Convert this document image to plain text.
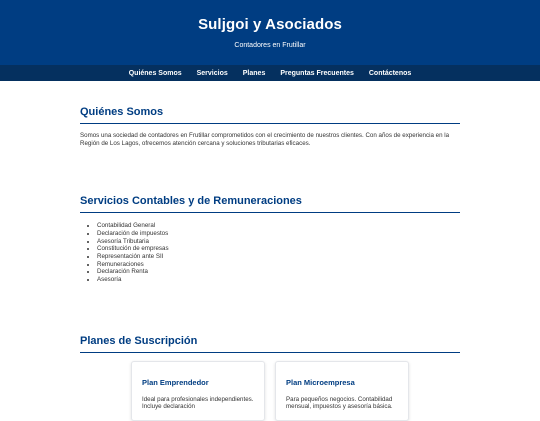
Suljgoi y Asociados
Contadores en Frutillar
Quiénes Somos Servicios Planes Preguntas Frecuentes Contáctenos
Quiénes Somos

Somos una sociedad de contadores en Frutillar comprometidos con el crecimiento de nuestros clientes. Con años de experiencia en la Región de Los Lagos, ofrecemos atención cercana y soluciones tributarias eficaces.

Servicios Contables y de Remuneraciones
• Contabilidad General
• Declaración de impuestos
• Asesoría Tributaria
• Constitución de empresas
• Representación ante SII
• Remuneraciones
• Declaración Renta
• Asesoría
Planes de Suscripción
Plan Emprendedor
Ideal para profesionales independientes. Incluye declaración
Plan Microempresa
Para pequeños negocios. Contabilidad mensual, impuestos y asesoría básica.
